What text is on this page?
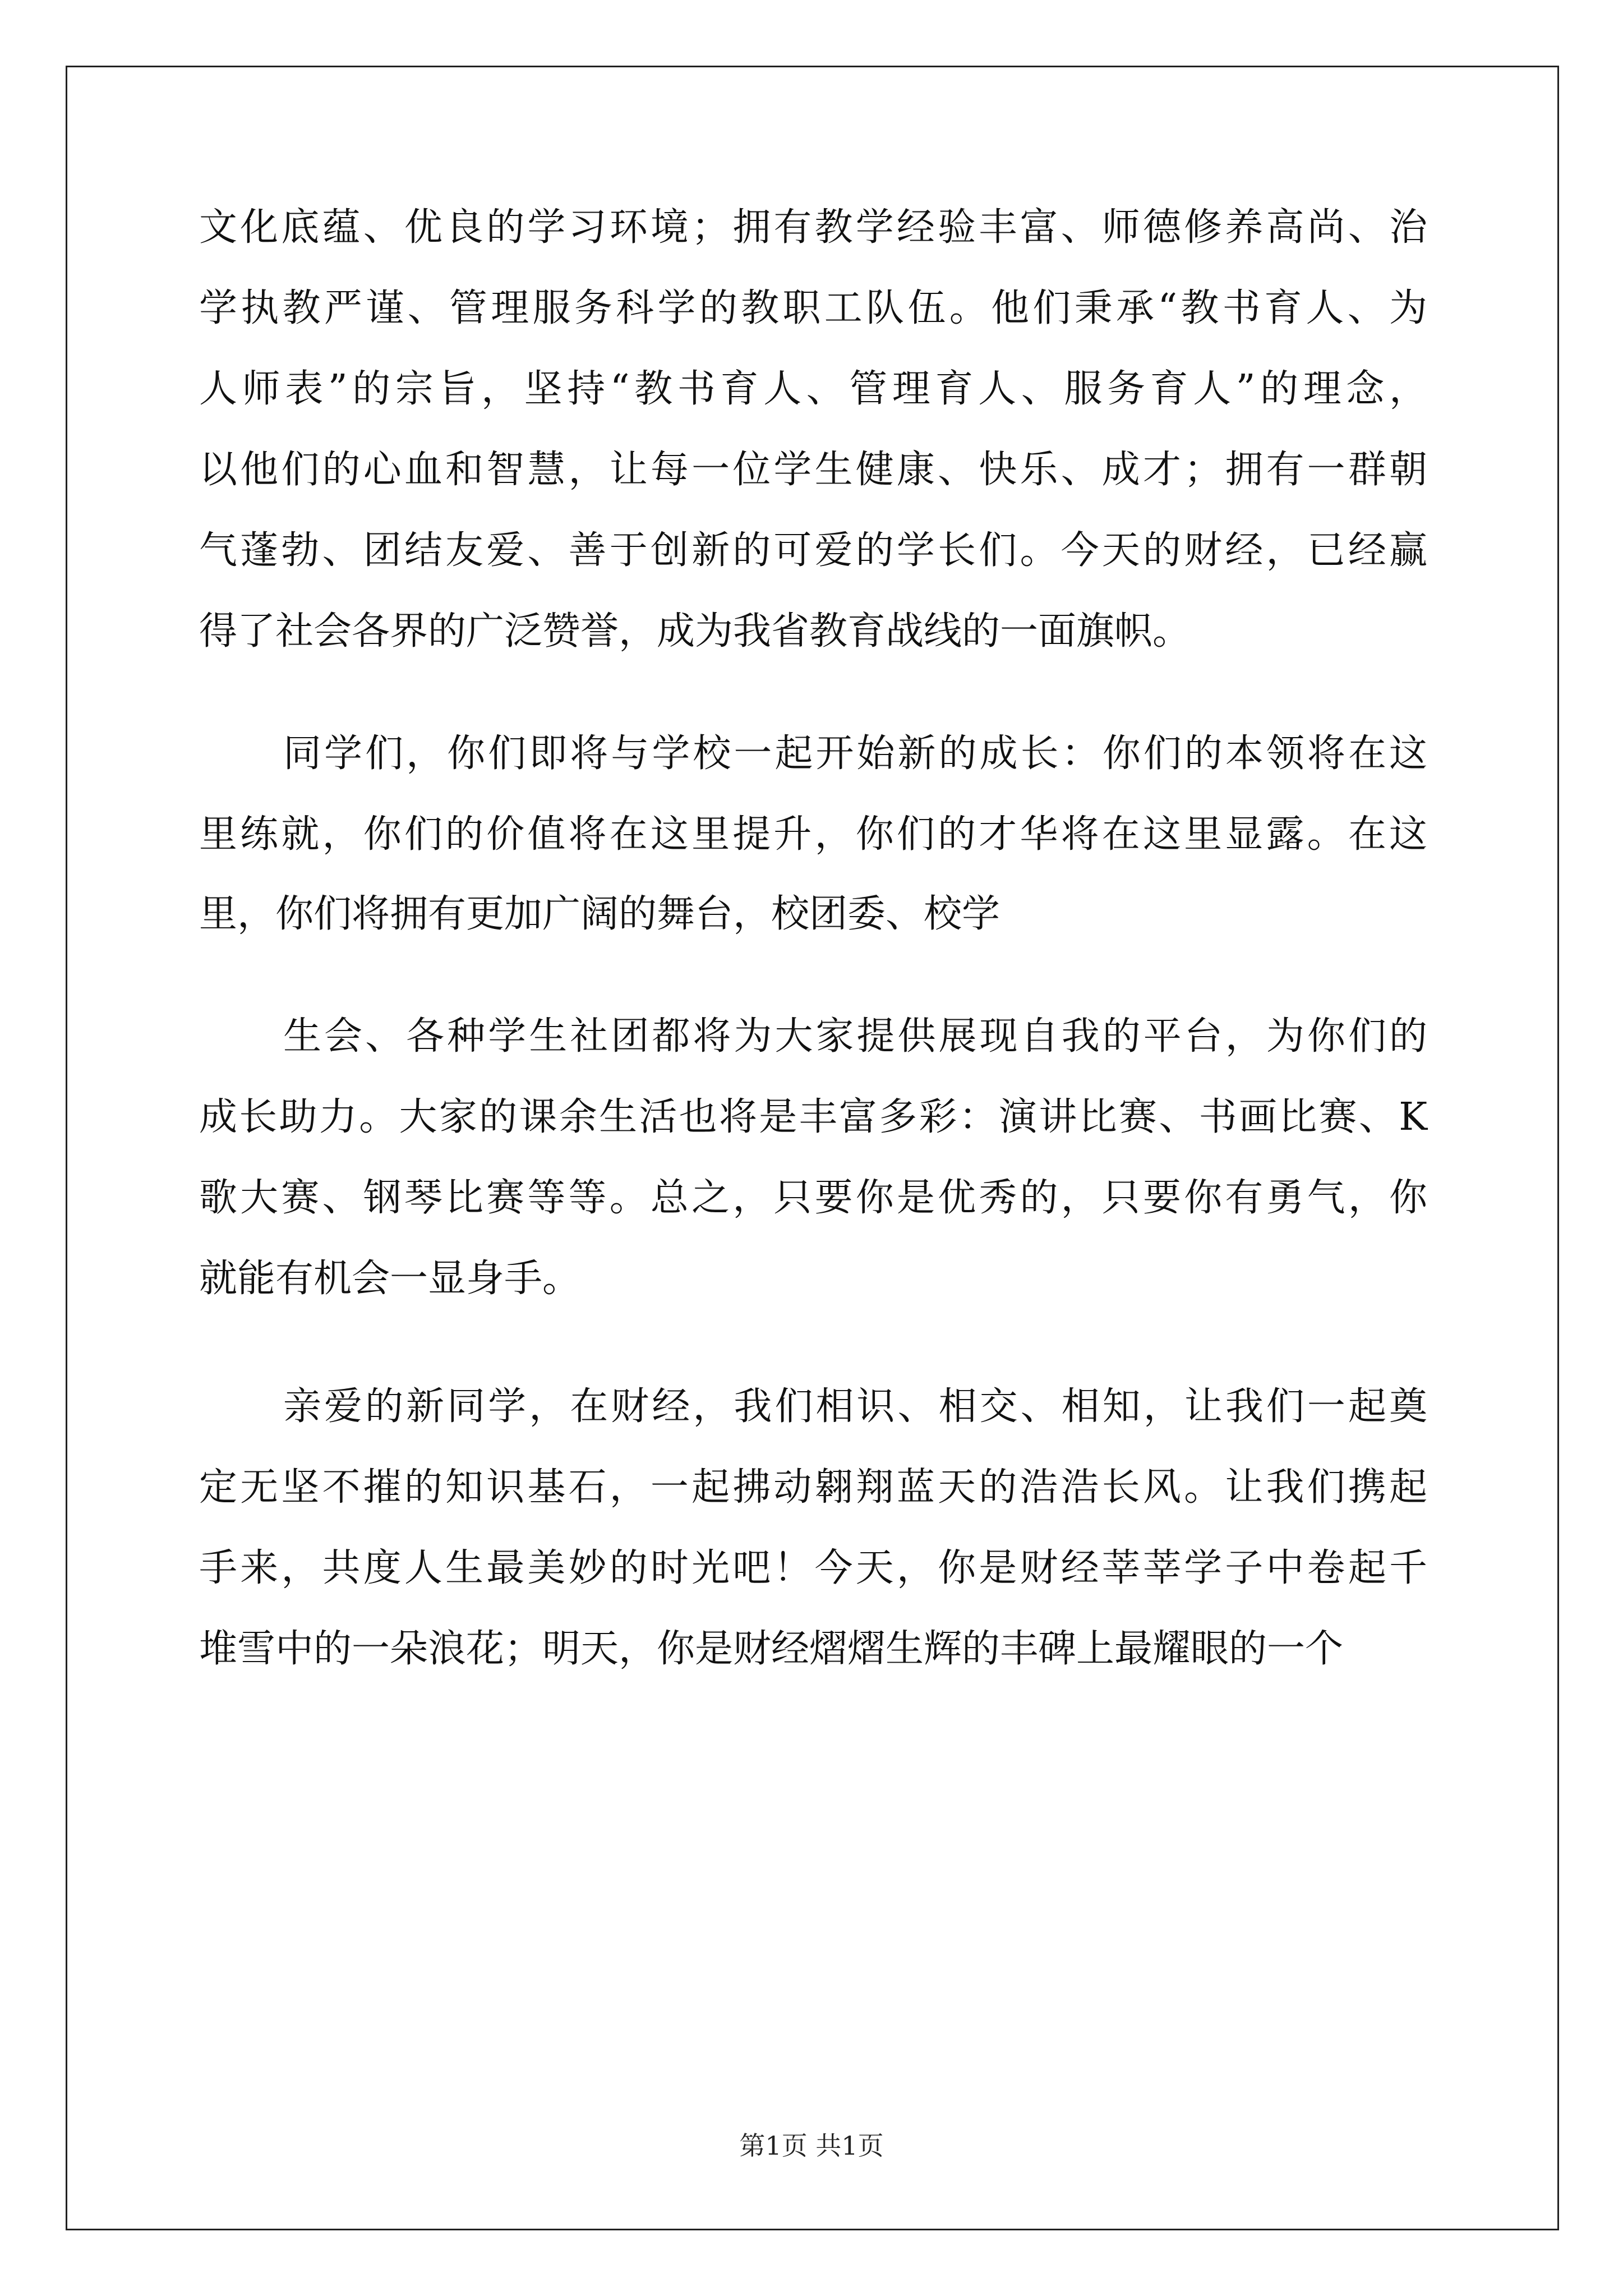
文化底蕴、优良的学习环境；拥有教学经验丰富、师德修养高尚、治
学执教严谨、管理服务科学的教职工队伍。他们秉承“教书育人、为
人师表”的宗旨，坚持“教书育人、管理育人、服务育人”的理念，
以他们的心血和智慧，让每一位学生健康、快乐、成才；拥有一群朝
气蓬勃、团结友爱、善于创新的可爱的学长们。今天的财经，已经赢
得了社会各界的广泛赞誉，成为我省教育战线的一面旗帜。
同学们，你们即将与学校一起开始新的成长：你们的本领将在这
里练就，你们的价值将在这里提升，你们的才华将在这里显露。在这
里，你们将拥有更加广阔的舞台，校团委、校学
生会、各种学生社团都将为大家提供展现自我的平台，为你们的
成长助力。大家的课余生活也将是丰富多彩：演讲比赛、书画比赛、K
歌大赛、钢琴比赛等等。总之，只要你是优秀的，只要你有勇气，你
就能有机会一显身手。
亲爱的新同学，在财经，我们相识、相交、相知，让我们一起奠
定无坚不摧的知识基石，一起拂动翱翔蓝天的浩浩长风。让我们携起
手来，共度人生最美妙的时光吧！今天，你是财经莘莘学子中卷起千
堆雪中的一朵浪花；明天，你是财经熠熠生辉的丰碑上最耀眼的一个
第1页 共1页
